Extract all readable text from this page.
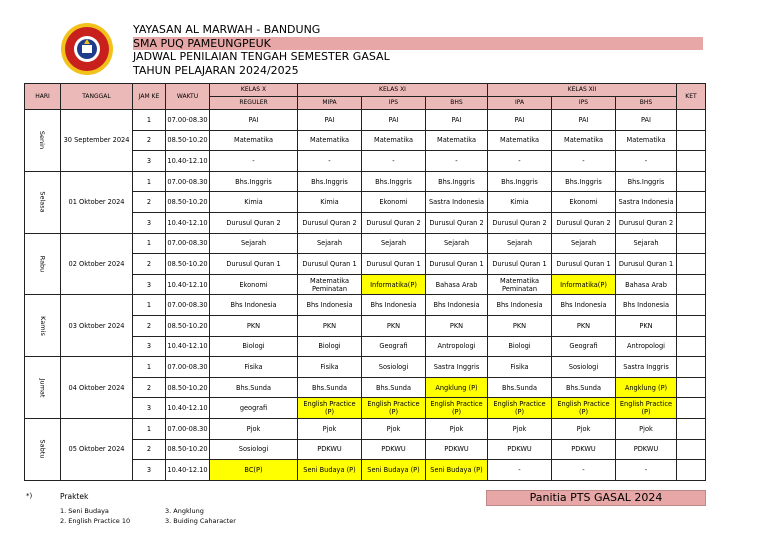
YAYASAN AL MARWAH - BANDUNG
SMA PUQ PAMEUNGPEUK
JADWAL PENILAIAN TENGAH SEMESTER GASAL
TAHUN PELAJARAN 2024/2025
HARI	TANGGAL	JAM KE	WAKTU	KELAS X	KELAS XI			KELAS XII			KET
				REGULER	MIPA	IPS	BHS	IPA	IPS	BHS	
Senin	30 September 2024	1	07.00-08.30	PAI	PAI	PAI	PAI	PAI	PAI	PAI	
		2	08.50-10.20	Matematika	Matematika	Matematika	Matematika	Matematika	Matematika	Matematika	
		3	10.40-12.10	-	-	-	-	-	-	-	
Selasa	01 Oktober 2024	1	07.00-08.30	Bhs.Inggris	Bhs.Inggris	Bhs.Inggris	Bhs.Inggris	Bhs.Inggris	Bhs.Inggris	Bhs.Inggris	
		2	08.50-10.20	Kimia	Kimia	Ekonomi	Sastra Indonesia	Kimia	Ekonomi	Sastra Indonesia	
		3	10.40-12.10	Durusul Quran 2	Durusul Quran 2	Durusul Quran 2	Durusul Quran 2	Durusul Quran 2	Durusul Quran 2	Durusul Quran 2	
Rabu	02 Oktober 2024	1	07.00-08.30	Sejarah	Sejarah	Sejarah	Sejarah	Sejarah	Sejarah	Sejarah	
		2	08.50-10.20	Durusul Quran 1	Durusul Quran 1	Durusul Quran 1	Durusul Quran 1	Durusul Quran 1	Durusul Quran 1	Durusul Quran 1	
		3	10.40-12.10	Ekonomi	Matematika Peminatan	Informatika(P)	Bahasa Arab	Matematika Peminatan	Informatika(P)	Bahasa Arab	
Kamis	03 Oktober 2024	1	07.00-08.30	Bhs Indonesia	Bhs Indonesia	Bhs Indonesia	Bhs Indonesia	Bhs Indonesia	Bhs Indonesia	Bhs Indonesia	
		2	08.50-10.20	PKN	PKN	PKN	PKN	PKN	PKN	PKN	
		3	10.40-12.10	Biologi	Biologi	Geografi	Antropologi	Biologi	Geografi	Antropologi	
Jumat	04 Oktober 2024	1	07.00-08.30	Fisika	Fisika	Sosiologi	Sastra Inggris	Fisika	Sosiologi	Sastra Inggris	
		2	08.50-10.20	Bhs.Sunda	Bhs.Sunda	Bhs.Sunda	Angklung (P)	Bhs.Sunda	Bhs.Sunda	Angklung (P)	
		3	10.40-12.10	geografi	English Practice (P)	English Practice (P)	English Practice (P)	English Practice (P)	English Practice (P)	English Practice (P)	
Sabtu	05 Oktober 2024	1	07.00-08.30	Pjok	Pjok	Pjok	Pjok	Pjok	Pjok	Pjok	
		2	08.50-10.20	Sosiologi	PDKWU	PDKWU	PDKWU	PDKWU	PDKWU	PDKWU	
		3	10.40-12.10	BC(P)	Seni Budaya (P)	Seni Budaya (P)	Seni Budaya (P)	-	-	-	
*)	Praktek
1. Seni Budaya
2. English Practice 10
3. Angklung
3. Buiding Caharacter
Panitia PTS GASAL 2024
